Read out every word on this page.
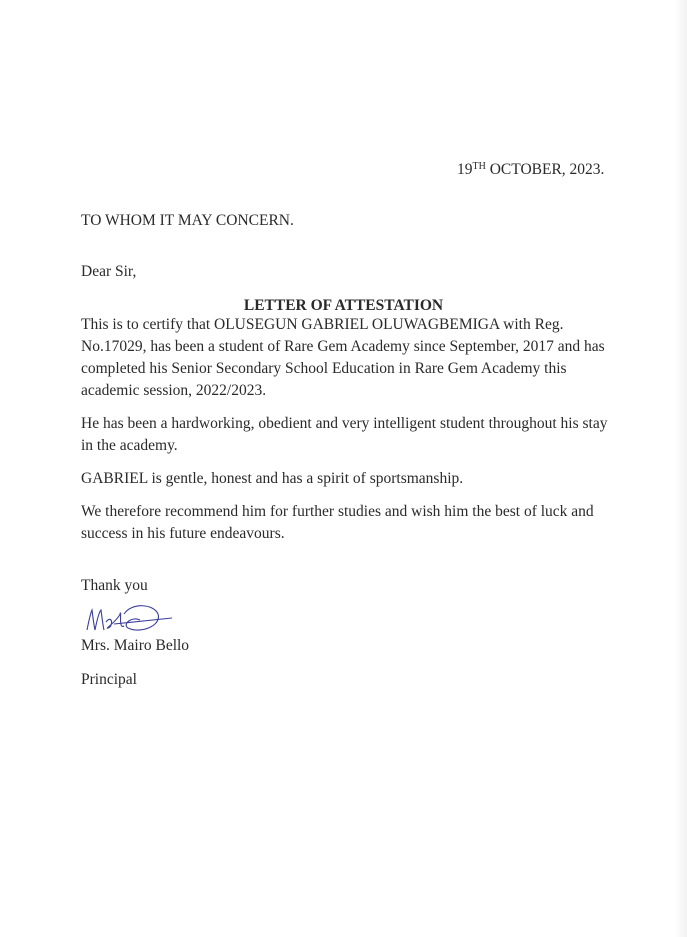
19TH OCTOBER, 2023.
TO WHOM IT MAY CONCERN.
Dear Sir,
LETTER OF ATTESTATION

This is to certify that OLUSEGUN GABRIEL OLUWAGBEMIGA with Reg. No.17029, has been a student of Rare Gem Academy since September, 2017 and has completed his Senior Secondary School Education in Rare Gem Academy this academic session, 2022/2023.

He has been a hardworking, obedient and very intelligent student throughout his stay in the academy.

GABRIEL is gentle, honest and has a spirit of sportsmanship.

We therefore recommend him for further studies and wish him the best of luck and success in his future endeavours.

Thank you
Mrs. Mairo Bello
Principal
